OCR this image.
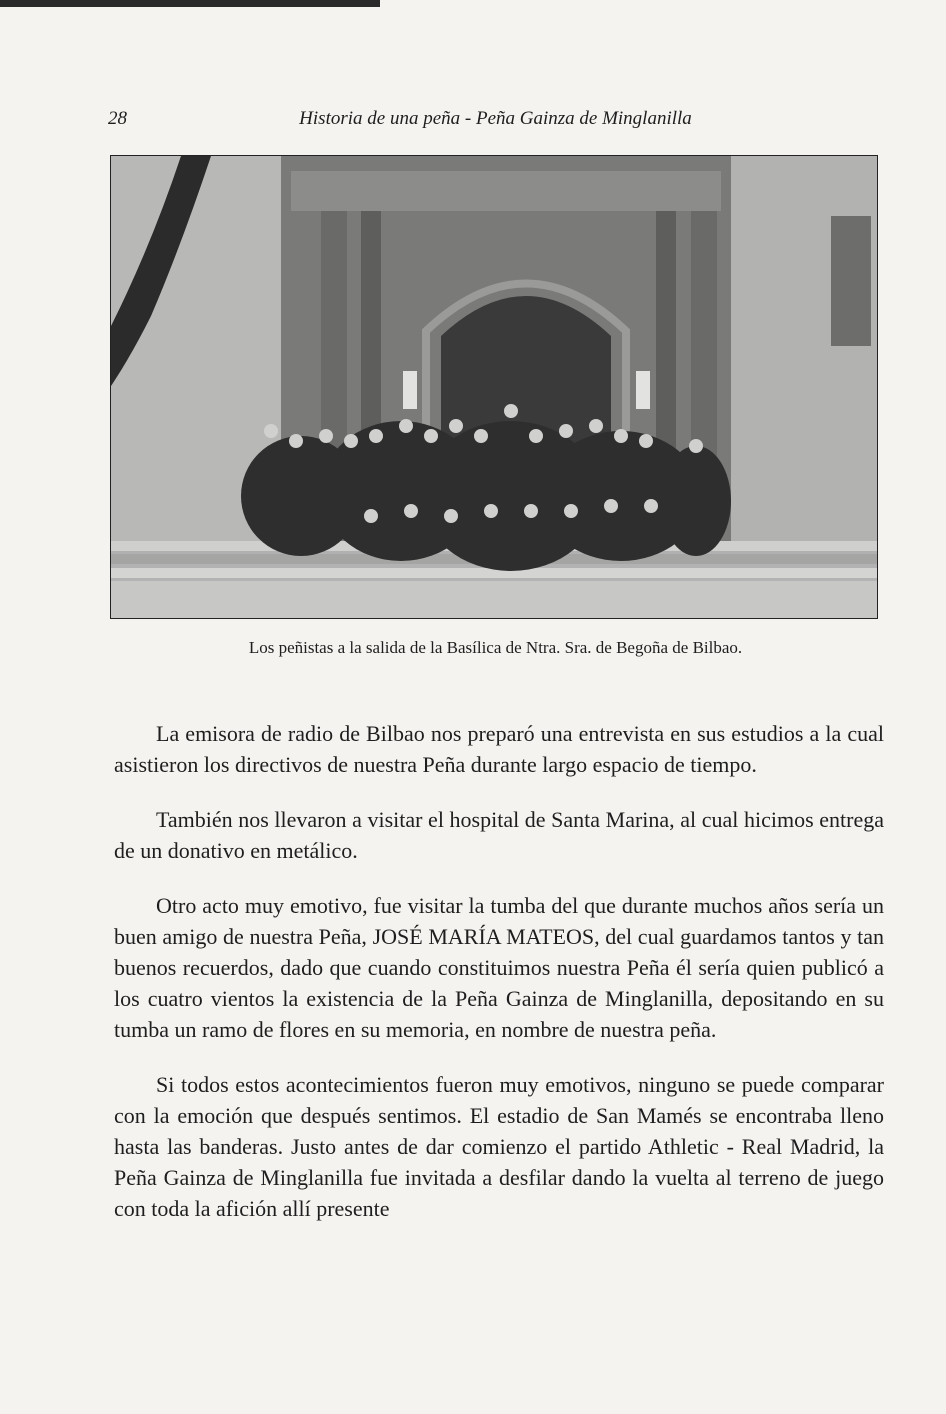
28	Historia de una peña - Peña Gainza de Minglanilla
Los peñistas a la salida de la Basílica de Ntra. Sra. de Begoña de Bilbao.

La emisora de radio de Bilbao nos preparó una entrevista en sus estudios a la cual asistieron los directivos de nuestra Peña durante largo espacio de tiempo.

También nos llevaron a visitar el hospital de Santa Marina, al cual hicimos entrega de un donativo en metálico.

Otro acto muy emotivo, fue visitar la tumba del que durante muchos años sería un buen amigo de nuestra Peña, JOSÉ MARÍA MATEOS, del cual guardamos tantos y tan buenos recuerdos, dado que cuando constituimos nuestra Peña él sería quien publicó a los cuatro vientos la existencia de la Peña Gainza de Minglanilla, depositando en su tumba un ramo de flores en su memoria, en nombre de nuestra peña.

Si todos estos acontecimientos fueron muy emotivos, ninguno se puede comparar con la emoción que después sentimos. El estadio de San Mamés se encontraba lleno hasta las banderas. Justo antes de dar comienzo el partido Athletic - Real Madrid, la Peña Gainza de Minglanilla fue invitada a desfilar dando la vuelta al terreno de juego con toda la afición allí presente
